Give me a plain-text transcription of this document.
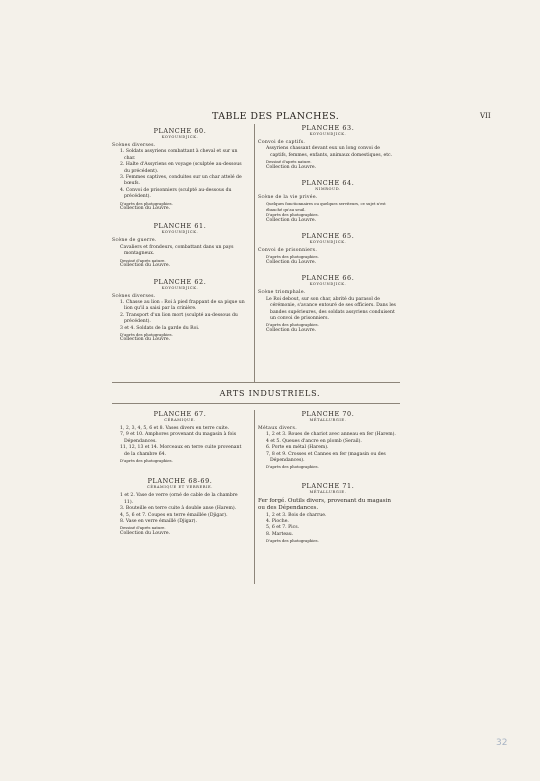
TABLE DES PLANCHES.	VII
PLANCHE 60.
KOYOUNDJICK.
Scènes diverses.
1. Soldats assyriens combattant à cheval et sur un char.
2. Halte d'Assyriens en voyage (sculptée au-dessous du précédent).
3. Femmes captives, conduites sur un char attelé de bœufs.
4. Convoi de prisonniers (sculpté au-dessous du précédent).
D'après des photographies.
Collection du Louvre.
PLANCHE 61.
KOYOUNDJICK.
Scène de guerre.
Cavaliers et frondeurs, combattant dans un pays montagneux.
Dessiné d'après nature.
Collection du Louvre.
PLANCHE 62.
KOYOUNDJICK.
Scènes diverses.
1. Chasse au lion : Roi à pied frappant de sa pique un lion qu'il a saisi par la crinière.
2. Transport d'un lion mort (sculpté au-dessous du précédent).
3 et 4. Soldats de la garde du Roi.
D'après des photographies.
Collection du Louvre.
PLANCHE 63.
KOYOUNDJICK.
Convoi de captifs.
Assyriens chassant devant eux un long convoi de captifs, femmes, enfants, animaux domestiques, etc.
Dessiné d'après nature.
Collection du Louvre.
PLANCHE 64.
NIMROUD.
Scène de la vie privée.
Quelques fonctionnaires ou quelques serviteurs, ce sujet n'est ébauché qu'au seuil.
D'après des photographies.
Collection du Louvre.
PLANCHE 65.
KOYOUNDJICK.
Convoi de prisonniers.
D'après des photographies.
Collection du Louvre.
PLANCHE 66.
KOYOUNDJICK.
Scène triomphale.
Le Roi debout, sur son char, abrité du parasol de cérémonie, s'avance entouré de ses officiers. Dans les bandes supérieures, des soldats assyriens conduisent un convoi de prisonniers.
D'après des photographies.
Collection du Louvre.
ARTS INDUSTRIELS.
PLANCHE 67.
CÉRAMIQUE.
1, 2, 3, 4, 5, 6 et 8. Vases divers en terre cuite.
7, 9 et 10. Amphores provenant du magasin à fois Dépendances.
11, 12, 13 et 14. Morceaux en terre cuite provenant de la chambre 64.
D'après des photographies.
PLANCHE 68-69.
CÉRAMIQUE ET VERRERIE.
1 et 2. Vase de verre (orné de cable de la chambre 11).
3. Bouteille en terre cuite à double anse (Harem).
4, 5, 6 et 7. Coupes en terre émaillée (Djigar).
8. Vase en verre émaillé (Djigar).
Dessiné d'après nature.
Collection du Louvre.
PLANCHE 70.
MÉTALLURGIE.
Métaux divers.
1, 2 et 3. Roues de chariot avec anneau en fer (Harem).
4 et 5. Queues d'ancre en plomb (Serail).
6. Porte en métal (Harem).
7, 8 et 9. Crosses et Cannes en fer (magasin ou des Dépendances).
D'après des photographies.
PLANCHE 71.
MÉTALLURGIE.
Fer forgé. Outils divers, provenant du magasin ou des Dépendances.
1, 2 et 3. Bois de charrue.
4. Pioche.
5, 6 et 7. Pics.
8. Marteau.
D'après des photographies.
32
